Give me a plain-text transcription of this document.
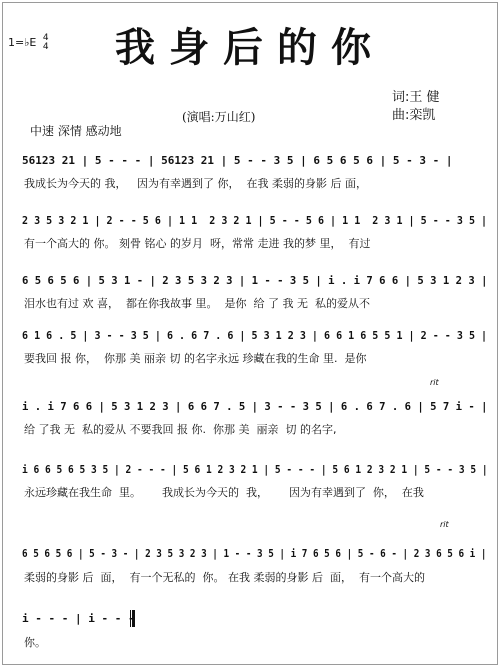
1=♭E 4
4	我身后的你
词:王 健
曲:栾凯
(演唱:万山红)
中速 深情 感动地
56123 21 | 5 - - - | 56123 21 | 5 - - 3 5 | 6 5 6 5 6 | 5 - 3 - |
我成长为今天的 我，   因为有幸遇到了 你，  在我 柔弱的身影 后 面，
2 3 5 3 2 1 | 2 - - 5 6 | 1 1  2 3 2 1 | 5 - - 5 6 | 1 1  2 3 1 | 5 - - 3 5 |
有一个高大的 你。 刻骨 铭心 的岁月  呀，常常 走进 我的梦 里，  有过
6 5 6 5 6 | 5 3 1 - | 2 3 5 3 2 3 | 1 - - 3 5 | i . i 7 6 6 | 5 3 1 2 3 |
泪水也有过 欢 喜，  都在你我故事 里。  是你  给 了 我 无  私的爱从不
6 1 6 . 5 | 3 - - 3 5 | 6 . 6 7 . 6 | 5 3 1 2 3 | 6 6 1 6 5 5 1 | 2 - - 3 5 |
要我回 报 你，  你那 美 丽亲 切 的名字永远 珍藏在我的生命 里.  是你
rit
i . i 7 6 6 | 5 3 1 2 3 | 6 6 7 . 5 | 3 - - 3 5 | 6 . 6 7 . 6 | 5 7 i - |
给 了我 无  私的爱从 不要我回 报 你.  你那 美  丽亲  切 的名字,
i 6 6 5 6 5 3 5 | 2 - - - | 5 6 1 2 3 2 1 | 5 - - - | 5 6 1 2 3 2 1 | 5 - - 3 5 |
永远珍藏在我生命  里。      我成长为今天的  我，      因为有幸遇到了  你，  在我
rit
6 5 6 5 6 | 5 - 3 - | 2 3 5 3 2 3 | 1 - - 3 5 | i 7 6 5 6 | 5 - 6 - | 2 3 6 5 6 i |
柔弱的身影 后  面，  有一个无私的  你。 在我 柔弱的身影 后  面，  有一个高大的
i - - - | i - - -
你。
